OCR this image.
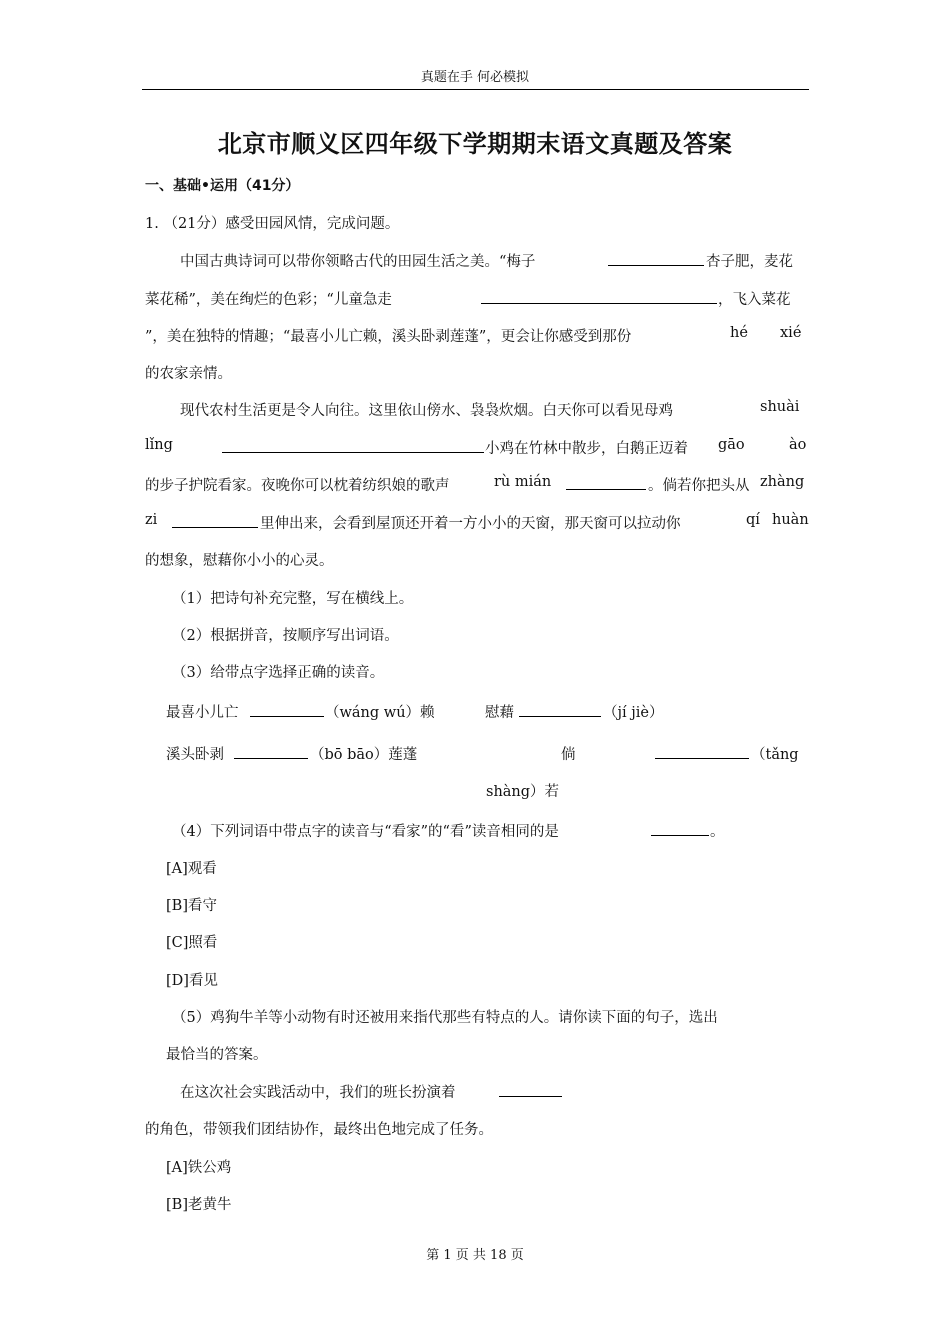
真题在手 何必模拟
北京市顺义区四年级下学期期末语文真题及答案
一、基础•运用（41分）
1. （21分）感受田园风情，完成问题。
中国古典诗词可以带你领略古代的田园生活之美。“梅子	杏子肥，麦花
菜花稀”，美在绚烂的色彩；“儿童急走	，飞入菜花
”，美在独特的情趣；“最喜小儿亡赖，溪头卧剥莲蓬”，更会让你感受到那份	hé xié
的农家亲情。
现代农村生活更是令人向往。这里依山傍水、袅袅炊烟。白天你可以看见母鸡	shuài
lǐng	小鸡在竹林中散步，白鹅正迈着 gāo	ào
的步子护院看家。夜晚你可以枕着纺织娘的歌声	rù mián	。倘若你把头从 zhàng
zi	里伸出来，会看到屋顶还开着一方小小的天窗，那天窗可以拉动你	qí huàn
的想象，慰藉你小小的心灵。
（1）把诗句补充完整，写在横线上。
（2）根据拼音，按顺序写出词语。
（3）给带点字选择正确的读音。
最喜小儿亡	（wáng wú）赖	慰藉	（jí jiè）
溪头卧剥	（bō bāo）莲蓬	倘	（tǎng
shàng）若
（4）下列词语中带点字的读音与“看家”的“看”读音相同的是	。
[A]观看
[B]看守
[C]照看
[D]看见
（5）鸡狗牛羊等小动物有时还被用来指代那些有特点的人。请你读下面的句子，选出
最恰当的答案。
在这次社会实践活动中，我们的班长扮演着
的角色，带领我们团结协作，最终出色地完成了任务。
[A]铁公鸡
[B]老黄牛
第 1 页 共 18 页
